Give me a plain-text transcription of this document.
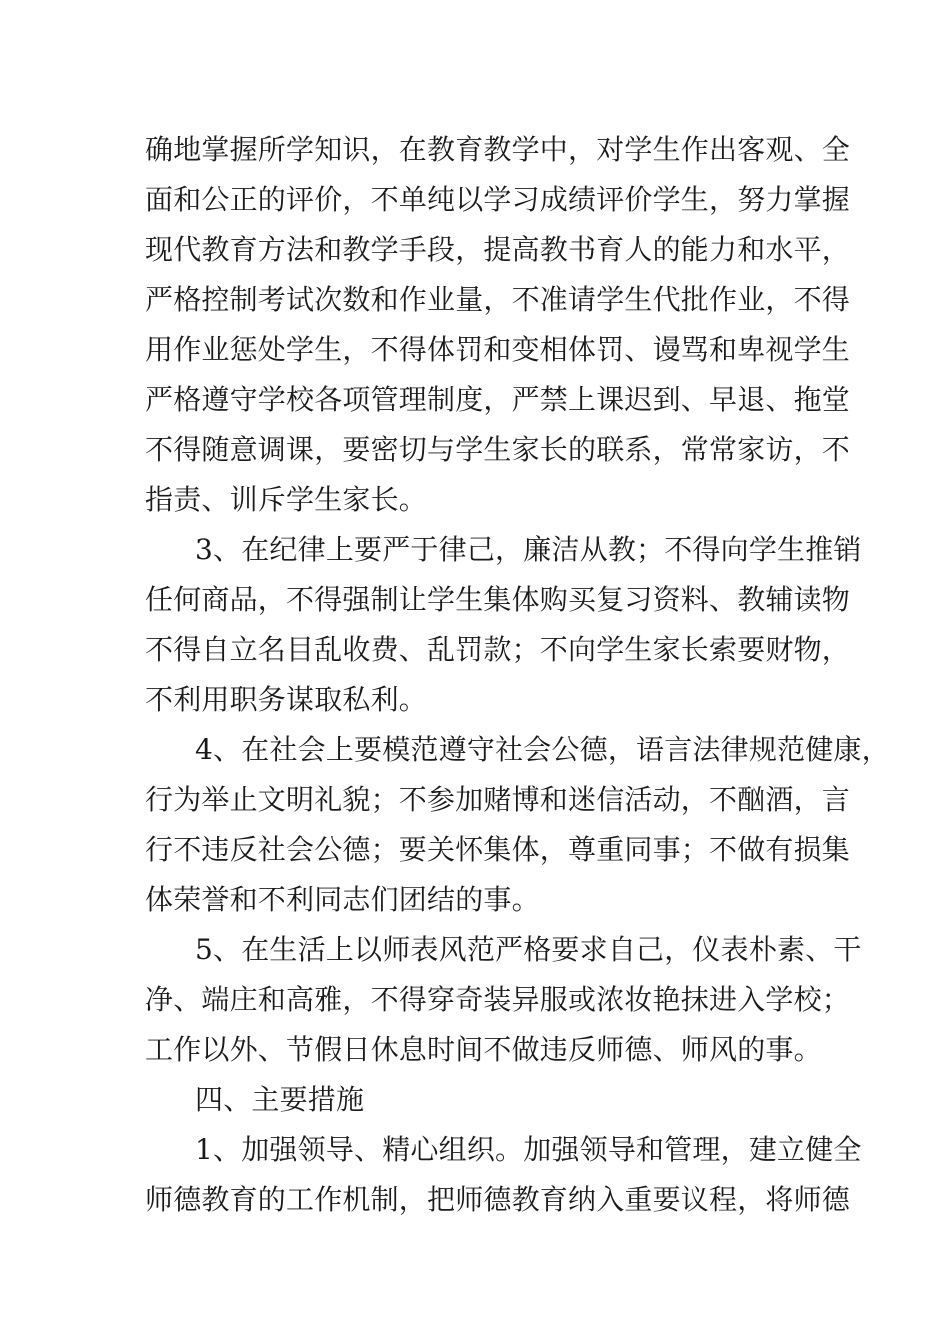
确地掌握所学知识，在教育教学中，对学生作出客观、全
面和公正的评价，不单纯以学习成绩评价学生，努力掌握
现代教育方法和教学手段，提高教书育人的能力和水平，
严格控制考试次数和作业量，不准请学生代批作业，不得
用作业惩处学生，不得体罚和变相体罚、谩骂和卑视学生
严格遵守学校各项管理制度，严禁上课迟到、早退、拖堂
不得随意调课，要密切与学生家长的联系，常常家访，不
指责、训斥学生家长。
3、在纪律上要严于律己，廉洁从教；不得向学生推销
任何商品，不得强制让学生集体购买复习资料、教辅读物
不得自立名目乱收费、乱罚款；不向学生家长索要财物，
不利用职务谋取私利。
4、在社会上要模范遵守社会公德，语言法律规范健康，
行为举止文明礼貌；不参加赌博和迷信活动，不酗酒，言
行不违反社会公德；要关怀集体，尊重同事；不做有损集
体荣誉和不利同志们团结的事。
5、在生活上以师表风范严格要求自己，仪表朴素、干
净、端庄和高雅，不得穿奇装异服或浓妆艳抹进入学校；
工作以外、节假日休息时间不做违反师德、师风的事。
四、主要措施
1、加强领导、精心组织。加强领导和管理，建立健全
师德教育的工作机制，把师德教育纳入重要议程，将师德
